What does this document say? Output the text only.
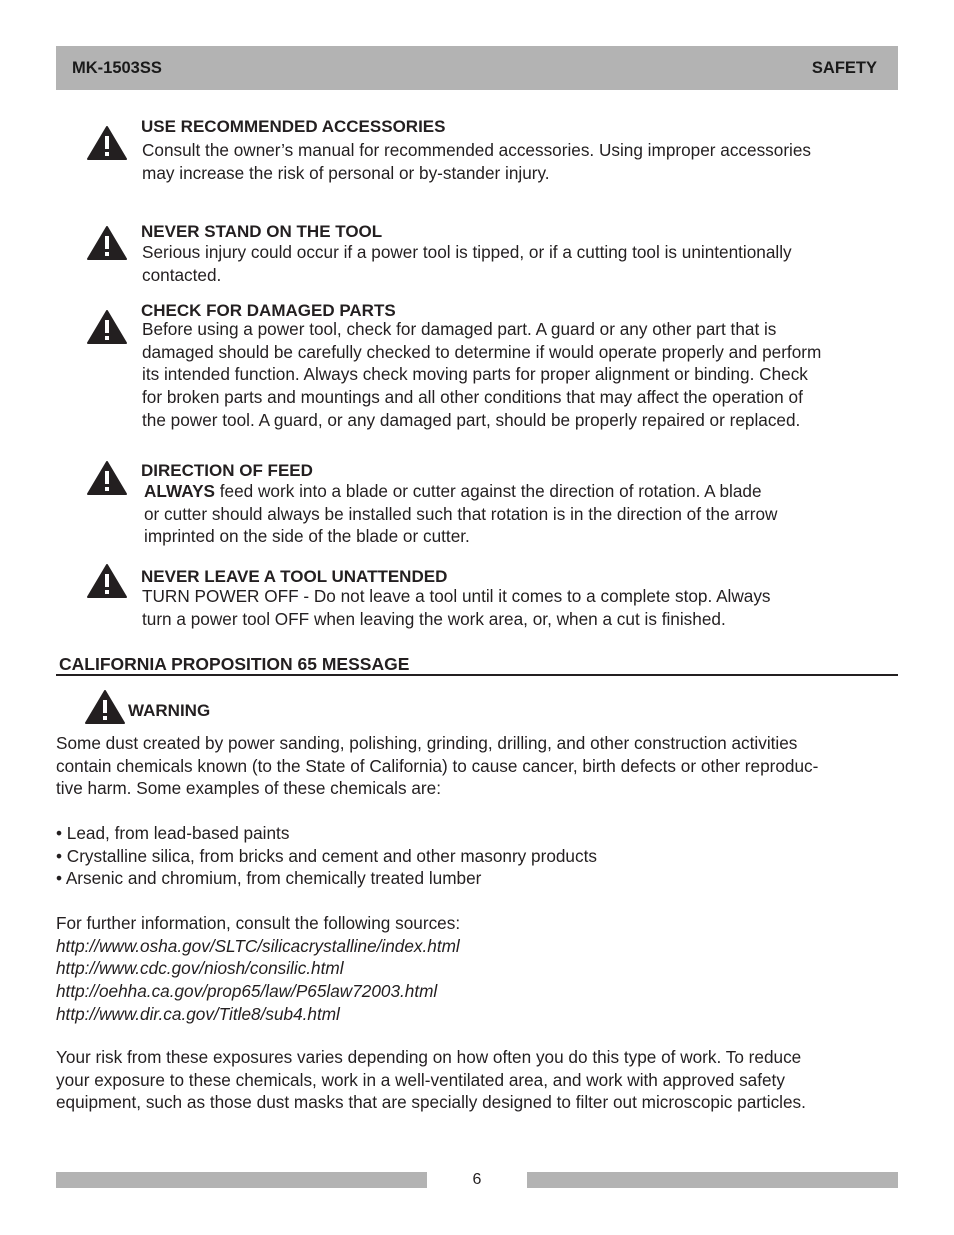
MK-1503SS	SAFETY
USE RECOMMENDED ACCESSORIES
Consult the owner’s manual for recommended accessories. Using improper accessories
may increase the risk of personal or by-stander injury.
NEVER STAND ON THE TOOL
Serious injury could occur if a power tool is tipped, or if a cutting tool is unintentionally
contacted.
CHECK FOR DAMAGED PARTS
Before using a power tool, check for damaged part. A guard or any other part that is
damaged should be carefully checked to determine if would operate properly and perform
its intended function. Always check moving parts for proper alignment or binding. Check
for broken parts and mountings and all other conditions that may affect the operation of
the power tool. A guard, or any damaged part, should be properly repaired or replaced.
DIRECTION OF FEED
ALWAYS feed work into a blade or cutter against the direction of rotation. A blade
or cutter should always be installed such that rotation is in the direction of the arrow
imprinted on the side of the blade or cutter.
NEVER LEAVE A TOOL UNATTENDED
TURN POWER OFF - Do not leave a tool until it comes to a complete stop. Always
turn a power tool OFF when leaving the work area, or, when a cut is finished.
CALIFORNIA PROPOSITION 65 MESSAGE
WARNING
Some dust created by power sanding, polishing, grinding, drilling, and other construction activities
contain chemicals known (to the State of California) to cause cancer, birth defects or other reproduc-
tive harm. Some examples of these chemicals are:
• Lead, from lead-based paints
• Crystalline silica, from bricks and cement and other masonry products
• Arsenic and chromium, from chemically treated lumber
For further information, consult the following sources:
http://www.osha.gov/SLTC/silicacrystalline/index.html
http://www.cdc.gov/niosh/consilic.html
http://oehha.ca.gov/prop65/law/P65law72003.html
http://www.dir.ca.gov/Title8/sub4.html
Your risk from these exposures varies depending on how often you do this type of work. To reduce
your exposure to these chemicals, work in a well-ventilated area, and work with approved safety
equipment, such as those dust masks that are specially designed to filter out microscopic particles.
6
